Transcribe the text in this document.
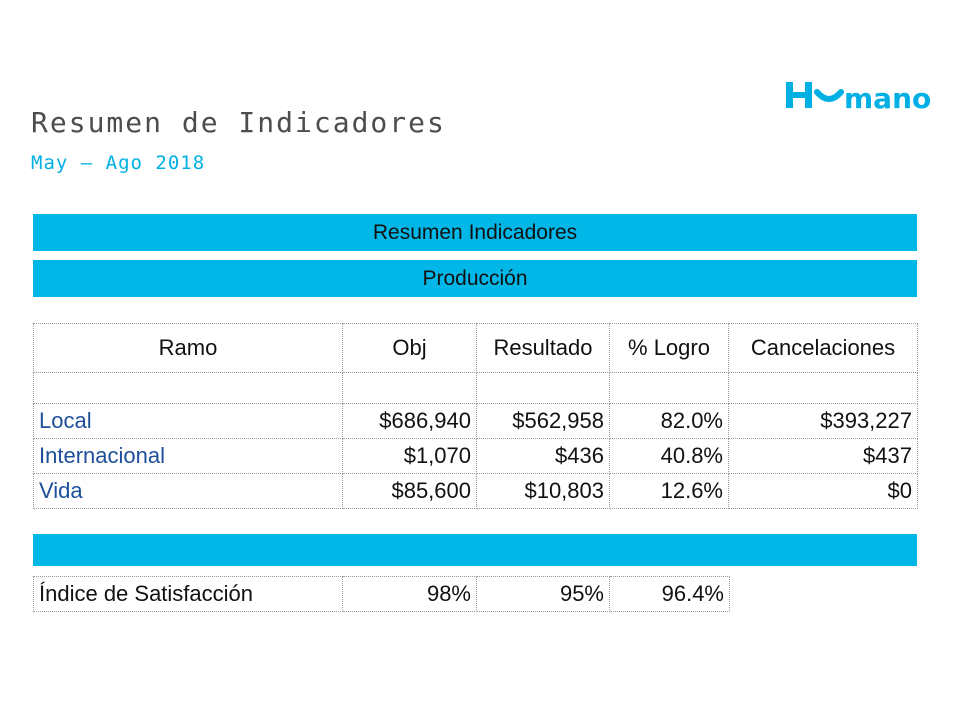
Resumen de Indicadores
May – Ago 2018
mano
Resumen Indicadores
Producción
Ramo	Obj	Resultado	% Logro	Cancelaciones

Local	$686,940	$562,958	82.0%	$393,227
Internacional	$1,070	$436	40.8%	$437
Vida	$85,600	$10,803	12.6%	$0
Índice de Satisfacción	98%	95%	96.4%
